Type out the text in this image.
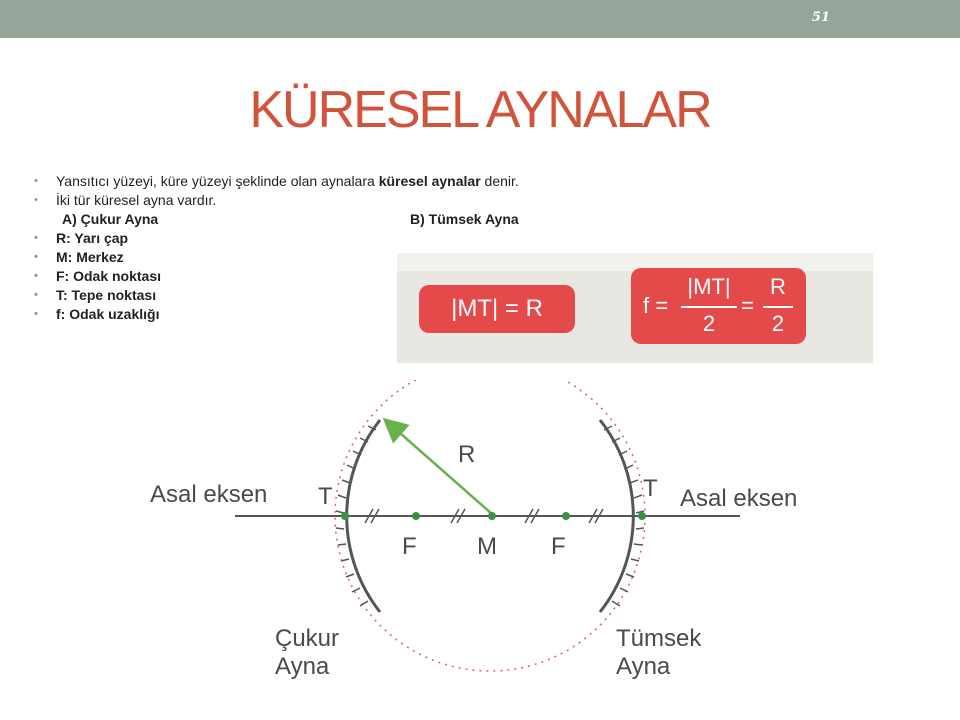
51
KÜRESEL AYNALAR
• Yansıtıcı yüzeyi, küre yüzeyi şeklinde olan aynalara küresel aynalar denir.
• İki tür küresel ayna vardır.
A) Çukur Ayna	B) Tümsek Ayna
• R: Yarı çap
• M: Merkez
• F: Odak noktası
• T: Tepe noktası
• f: Odak uzaklığı	|MT| = R	f =
|MT|
2
=
R
2
Asal eksen	Asal eksen
T	T
R
F	M F
Çukur
Ayna
Tümsek
Ayna
